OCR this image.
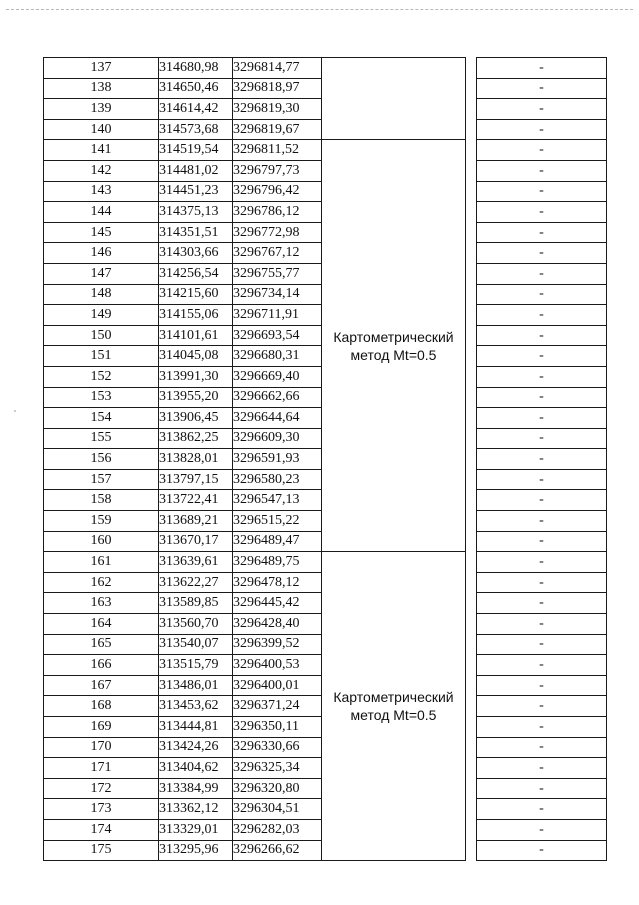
137	314680,98	3296814,77			-
138	314650,46	3296818,97			-
139	314614,42	3296819,30			-
140	314573,68	3296819,67			-
141	314519,54	3296811,52	Картометрический
метод Mt=0.5		-
142	314481,02	3296797,73			-
143	314451,23	3296796,42			-
144	314375,13	3296786,12			-
145	314351,51	3296772,98			-
146	314303,66	3296767,12			-
147	314256,54	3296755,77			-
148	314215,60	3296734,14			-
149	314155,06	3296711,91			-
150	314101,61	3296693,54			-
151	314045,08	3296680,31			-
152	313991,30	3296669,40			-
153	313955,20	3296662,66			-
154	313906,45	3296644,64			-
155	313862,25	3296609,30			-
156	313828,01	3296591,93			-
157	313797,15	3296580,23			-
158	313722,41	3296547,13			-
159	313689,21	3296515,22			-
160	313670,17	3296489,47			-
161	313639,61	3296489,75	Картометрический
метод Mt=0.5		-
162	313622,27	3296478,12			-
163	313589,85	3296445,42			-
164	313560,70	3296428,40			-
165	313540,07	3296399,52			-
166	313515,79	3296400,53			-
167	313486,01	3296400,01			-
168	313453,62	3296371,24			-
169	313444,81	3296350,11			-
170	313424,26	3296330,66			-
171	313404,62	3296325,34			-
172	313384,99	3296320,80			-
173	313362,12	3296304,51			-
174	313329,01	3296282,03			-
175	313295,96	3296266,62			-
